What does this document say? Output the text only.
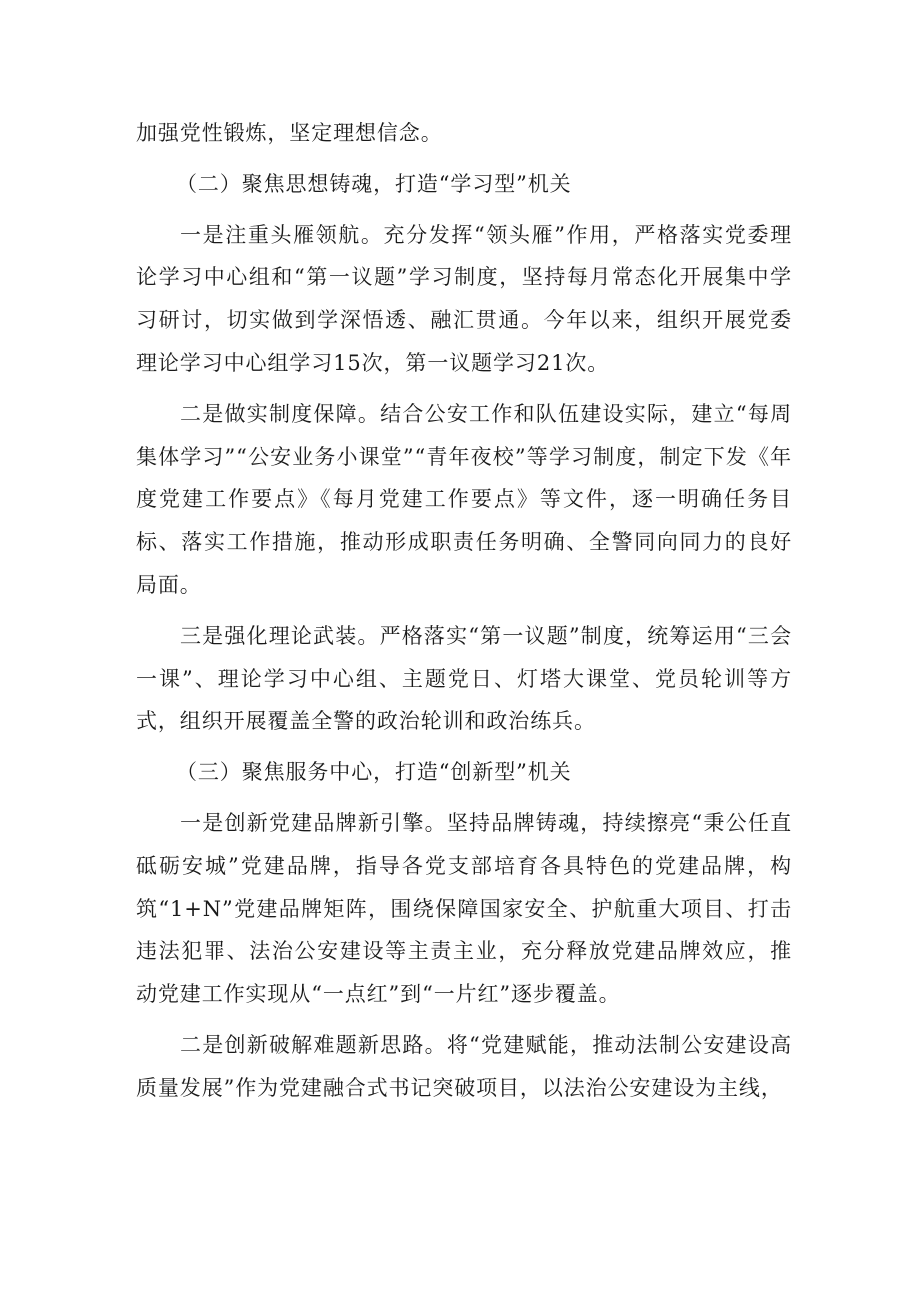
加强党性锻炼，坚定理想信念。

（二）聚焦思想铸魂，打造“学习型”机关

一是注重头雁领航。充分发挥“领头雁”作用，严格落实党委理论学习中心组和“第一议题”学习制度，坚持每月常态化开展集中学习研讨，切实做到学深悟透、融汇贯通。今年以来，组织开展党委理论学习中心组学习15次，第一议题学习21次。

二是做实制度保障。结合公安工作和队伍建设实际，建立“每周集体学习”“公安业务小课堂”“青年夜校”等学习制度，制定下发《年度党建工作要点》《每月党建工作要点》等文件，逐一明确任务目标、落实工作措施，推动形成职责任务明确、全警同向同力的良好局面。

三是强化理论武装。严格落实“第一议题”制度，统筹运用“三会一课”、理论学习中心组、主题党日、灯塔大课堂、党员轮训等方式，组织开展覆盖全警的政治轮训和政治练兵。

（三）聚焦服务中心，打造“创新型”机关

一是创新党建品牌新引擎。坚持品牌铸魂，持续擦亮“秉公任直砥砺安城”党建品牌，指导各党支部培育各具特色的党建品牌，构筑“1+N”党建品牌矩阵，围绕保障国家安全、护航重大项目、打击违法犯罪、法治公安建设等主责主业，充分释放党建品牌效应，推动党建工作实现从“一点红”到“一片红”逐步覆盖。

二是创新破解难题新思路。将“党建赋能，推动法制公安建设高质量发展”作为党建融合式书记突破项目，以法治公安建设为主线，
